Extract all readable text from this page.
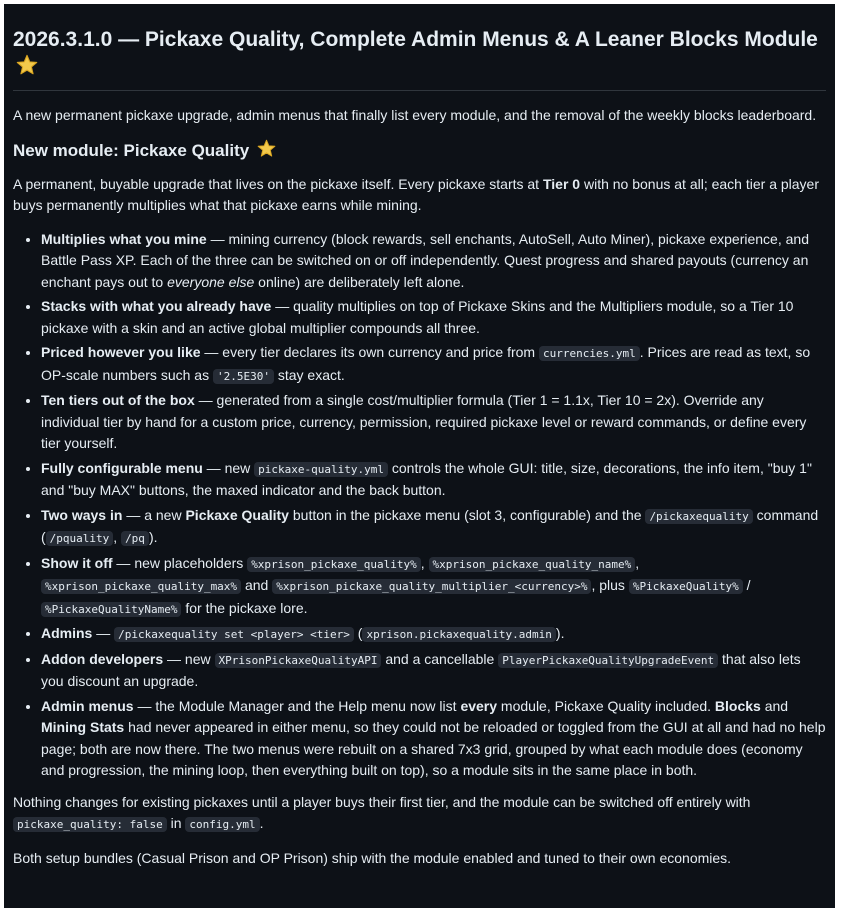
2026.3.1.0 — Pickaxe Quality, Complete Admin Menus & A Leaner Blocks Module

A new permanent pickaxe upgrade, admin menus that finally list every module, and the removal of the weekly blocks leaderboard.

New module: Pickaxe Quality

A permanent, buyable upgrade that lives on the pickaxe itself. Every pickaxe starts at Tier 0 with no bonus at all; each tier a player buys permanently multiplies what that pickaxe earns while mining.

• Multiplies what you mine — mining currency (block rewards, sell enchants, AutoSell, Auto Miner), pickaxe experience, and Battle Pass XP. Each of the three can be switched on or off independently. Quest progress and shared payouts (currency an enchant pays out to everyone else online) are deliberately left alone.
• Stacks with what you already have — quality multiplies on top of Pickaxe Skins and the Multipliers module, so a Tier 10 pickaxe with a skin and an active global multiplier compounds all three.
• Priced however you like — every tier declares its own currency and price from currencies.yml . Prices are read as text, so OP-scale numbers such as '2.5E30' stay exact.
• Ten tiers out of the box — generated from a single cost/multiplier formula (Tier 1 = 1.1x, Tier 10 = 2x). Override any individual tier by hand for a custom price, currency, permission, required pickaxe level or reward commands, or define every tier yourself.
• Fully configurable menu — new pickaxe-quality.yml controls the whole GUI: title, size, decorations, the info item, "buy 1" and "buy MAX" buttons, the maxed indicator and the back button.
• Two ways in — a new Pickaxe Quality button in the pickaxe menu (slot 3, configurable) and the /pickaxequality command ( /pquality , /pq ).
• Show it off — new placeholders %xprison_pickaxe_quality% , %xprison_pickaxe_quality_name% , %xprison_pickaxe_quality_max% and %xprison_pickaxe_quality_multiplier_<currency>% , plus %PickaxeQuality% / %PickaxeQualityName% for the pickaxe lore.
• Admins — /pickaxequality set <player> <tier> ( xprison.pickaxequality.admin ).
• Addon developers — new XPrisonPickaxeQualityAPI and a cancellable PlayerPickaxeQualityUpgradeEvent that also lets you discount an upgrade.
• Admin menus — the Module Manager and the Help menu now list every module, Pickaxe Quality included. Blocks and Mining Stats had never appeared in either menu, so they could not be reloaded or toggled from the GUI at all and had no help page; both are now there. The two menus were rebuilt on a shared 7x3 grid, grouped by what each module does (economy and progression, the mining loop, then everything built on top), so a module sits in the same place in both.

Nothing changes for existing pickaxes until a player buys their first tier, and the module can be switched off entirely with pickaxe_quality: false in config.yml .

Both setup bundles (Casual Prison and OP Prison) ship with the module enabled and tuned to their own economies.
